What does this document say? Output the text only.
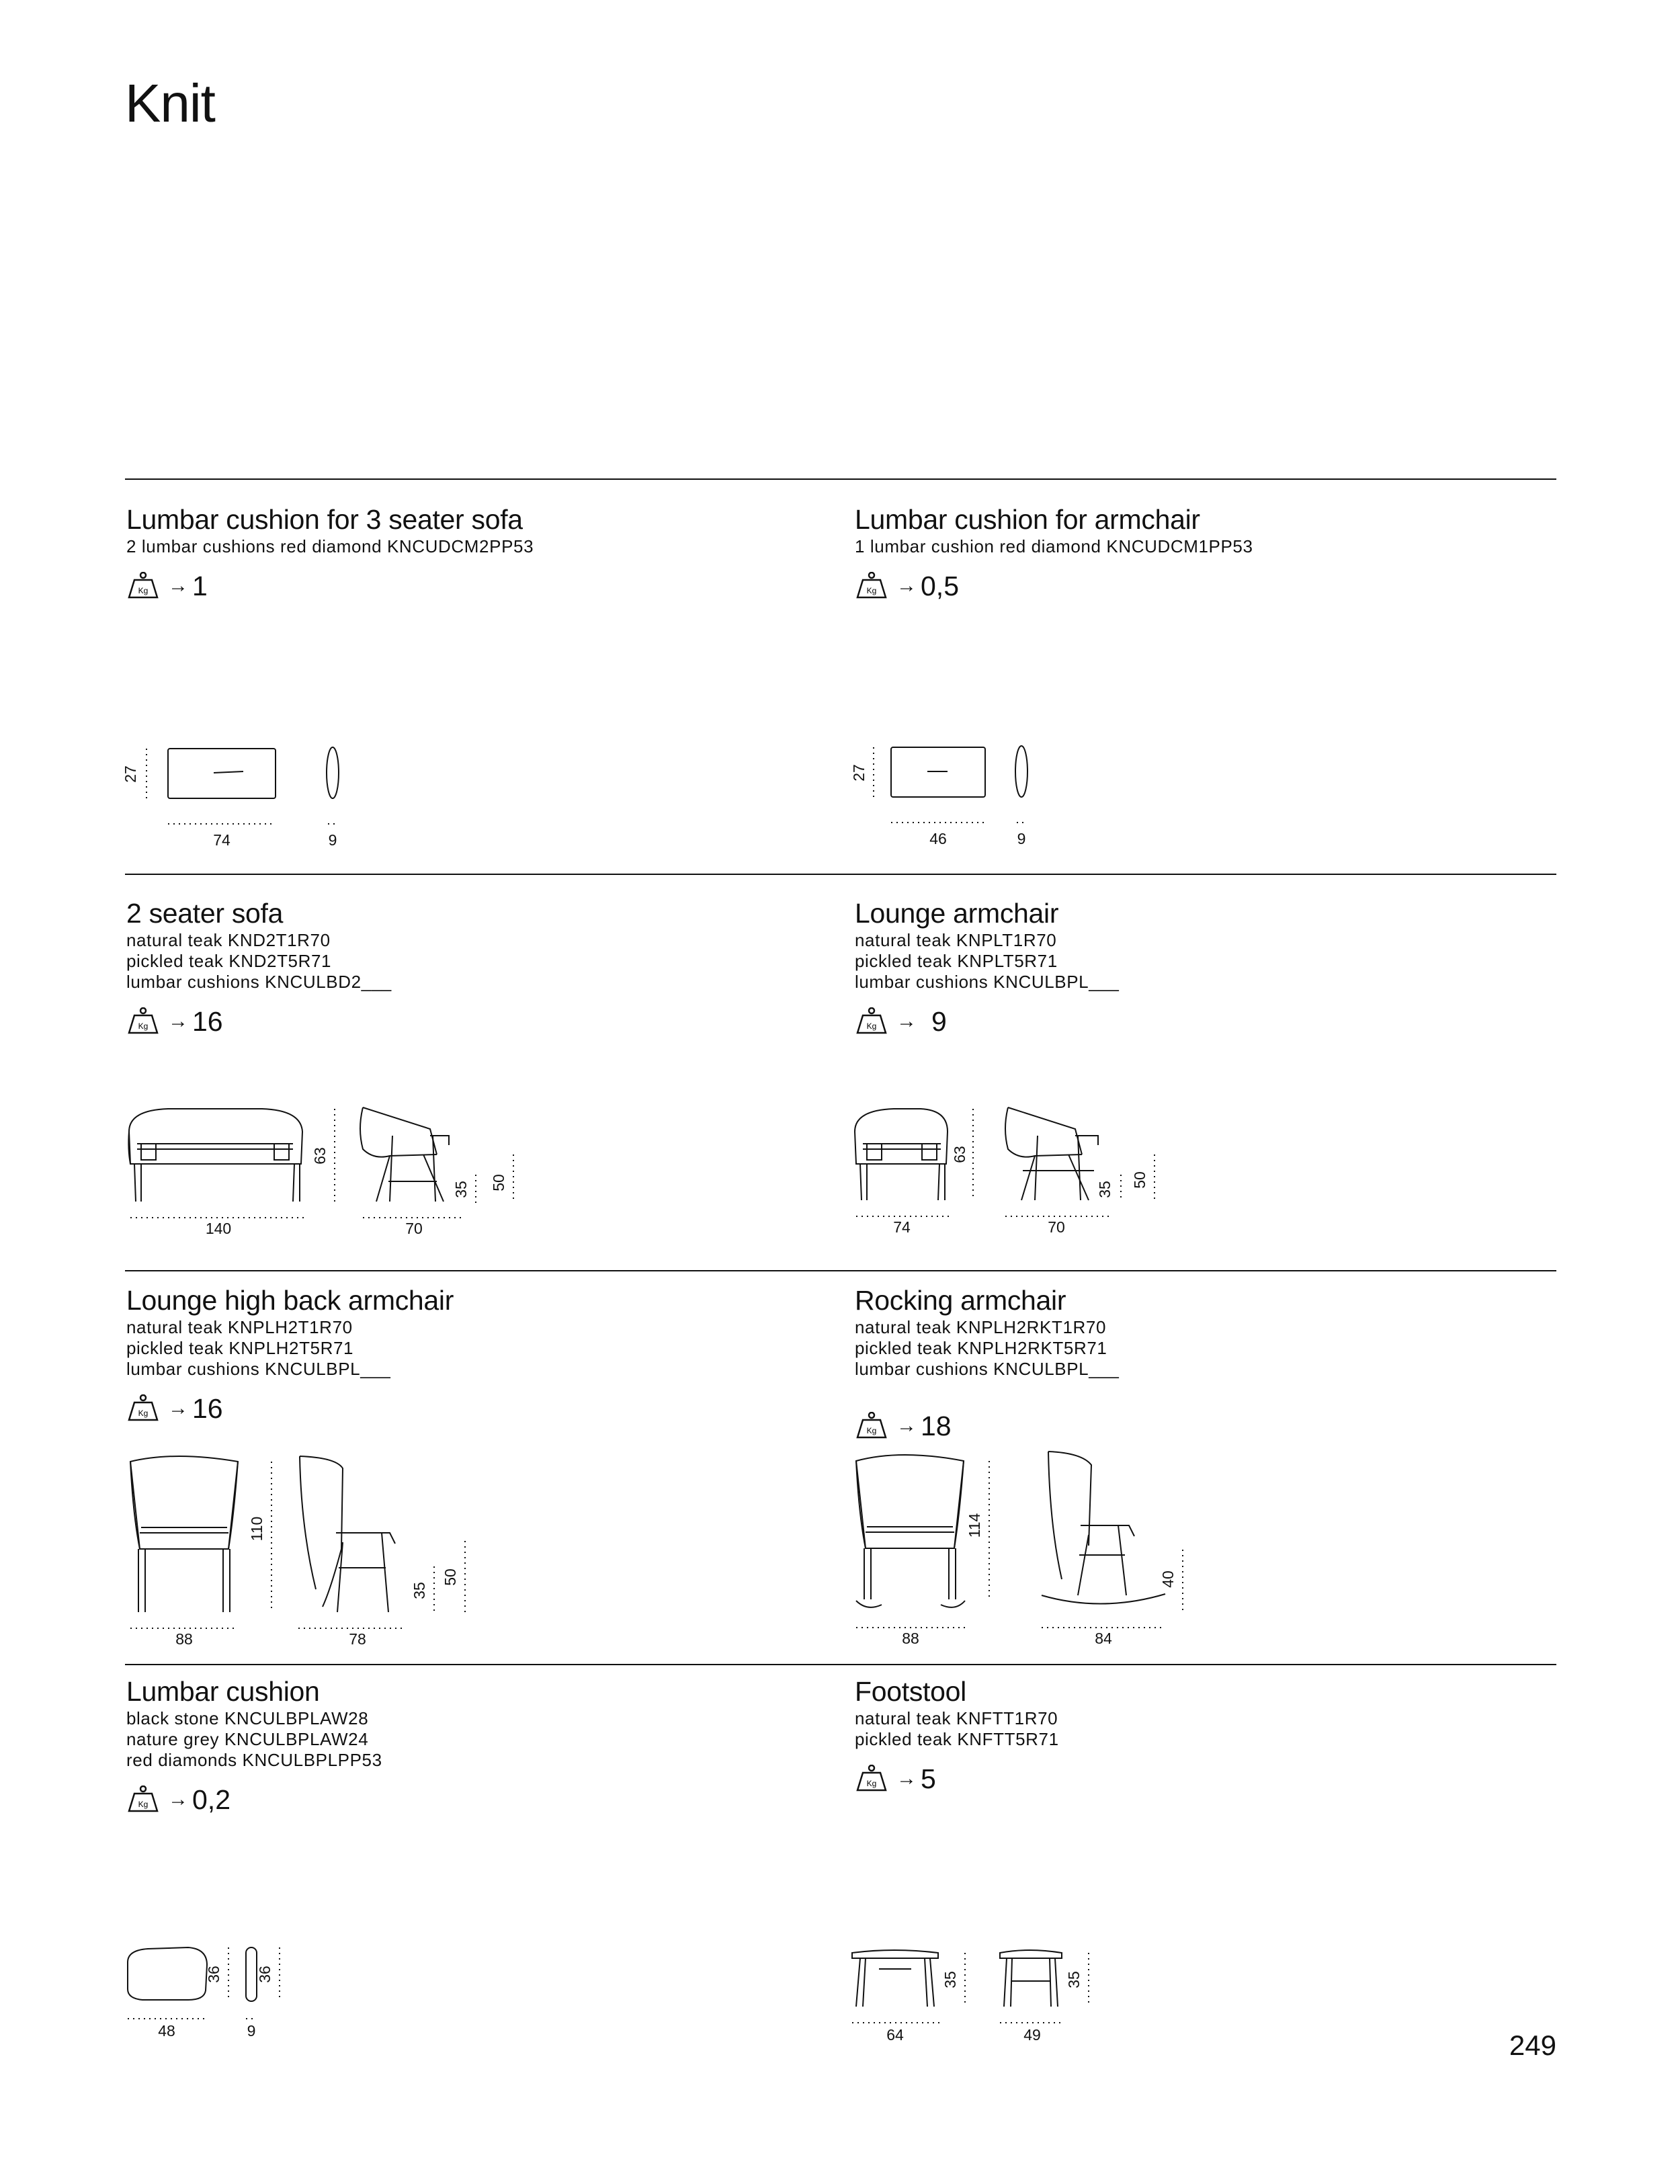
Knit
Lumbar cushion for 3 seater sofa
2 lumbar cushions red diamond KNCUDCM2PP53
Kg → 1
Lumbar cushion for armchair
1 lumbar cushion red diamond KNCUDCM1PP53
Kg → 0,5
2 seater sofa
natural teak KND2T1R70
pickled teak KND2T5R71
lumbar cushions KNCULBD2___
Kg → 16
Lounge armchair
natural teak KNPLT1R70
pickled teak KNPLT5R71
lumbar cushions KNCULBPL___
Kg → 9
Lounge high back armchair
natural teak KNPLH2T1R70
pickled teak KNPLH2T5R71
lumbar cushions KNCULBPL___
Kg → 16
Rocking armchair
natural teak KNPLH2RKT1R70
pickled teak KNPLH2RKT5R71
lumbar cushions KNCULBPL___
Kg → 18
Lumbar cushion
black stone KNCULBPLAW28
nature grey KNCULBPLAW24
red diamonds KNCULBPLPP53
Kg → 0,2
Footstool
natural teak KNFTT1R70
pickled teak KNFTT5R71
Kg → 5
27
74	9
27
46	9
140	70
63
35 50
74	70
63
35
50
88	78
110
35
50
88	84
114
40
48	9
36 36
64	49
35	35
249
